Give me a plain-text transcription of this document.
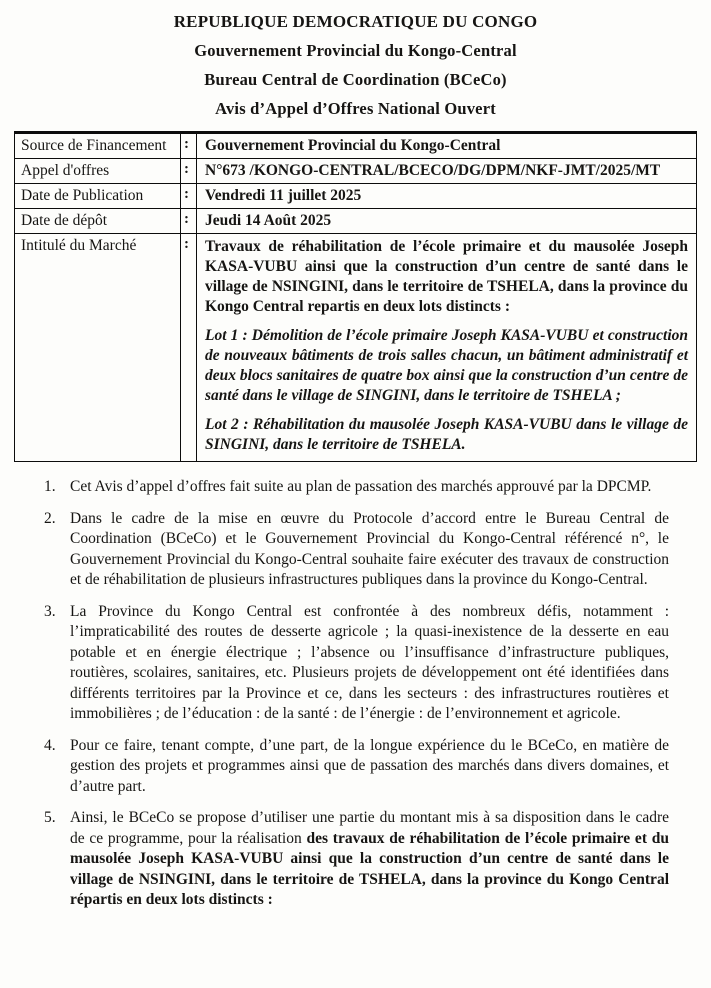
REPUBLIQUE DEMOCRATIQUE DU CONGO
Gouvernement Provincial du Kongo-Central
Bureau Central de Coordination (BCeCo)
Avis d’Appel d’Offres National Ouvert
Source de Financement	:	Gouvernement Provincial du Kongo-Central
Appel d'offres	:	N°673 /KONGO-CENTRAL/BCECO/DG/DPM/NKF-JMT/2025/MT
Date de Publication	:	Vendredi 11 juillet 2025
Date de dépôt	:	Jeudi 14 Août 2025
Intitulé du Marché	:	Travaux de réhabilitation de l’école primaire et du mausolée Joseph KASA-VUBU ainsi que la construction d’un centre de santé dans le village de NSINGINI, dans le territoire de TSHELA, dans la province du Kongo Central repartis en deux lots distincts :

Lot 1 : Démolition de l’école primaire Joseph KASA-VUBU et construction de nouveaux bâtiments de trois salles chacun, un bâtiment administratif et deux blocs sanitaires de quatre box ainsi que la construction d’un centre de santé dans le village de SINGINI, dans le territoire de TSHELA ;

Lot 2 : Réhabilitation du mausolée Joseph KASA-VUBU dans le village de SINGINI, dans le territoire de TSHELA.

1. Cet Avis d’appel d’offres fait suite au plan de passation des marchés approuvé par la DPCMP.
2. Dans le cadre de la mise en œuvre du Protocole d’accord entre le Bureau Central de Coordination (BCeCo) et le Gouvernement Provincial du Kongo-Central référencé n°, le Gouvernement Provincial du Kongo-Central souhaite faire exécuter des travaux de construction et de réhabilitation de plusieurs infrastructures publiques dans la province du Kongo-Central.
3. La Province du Kongo Central est confrontée à des nombreux défis, notamment : l’impraticabilité des routes de desserte agricole ; la quasi-inexistence de la desserte en eau potable et en énergie électrique ; l’absence ou l’insuffisance d’infrastructure publiques, routières, scolaires, sanitaires, etc. Plusieurs projets de développement ont été identifiées dans différents territoires par la Province et ce, dans les secteurs : des infrastructures routières et immobilières ; de l’éducation : de la santé : de l’énergie : de l’environnement et agricole.
4. Pour ce faire, tenant compte, d’une part, de la longue expérience du le BCeCo, en matière de gestion des projets et programmes ainsi que de passation des marchés dans divers domaines, et d’autre part.
5. Ainsi, le BCeCo se propose d’utiliser une partie du montant mis à sa disposition dans le cadre de ce programme, pour la réalisation des travaux de réhabilitation de l’école primaire et du mausolée Joseph KASA-VUBU ainsi que la construction d’un centre de santé dans le village de NSINGINI, dans le territoire de TSHELA, dans la province du Kongo Central répartis en deux lots distincts :
